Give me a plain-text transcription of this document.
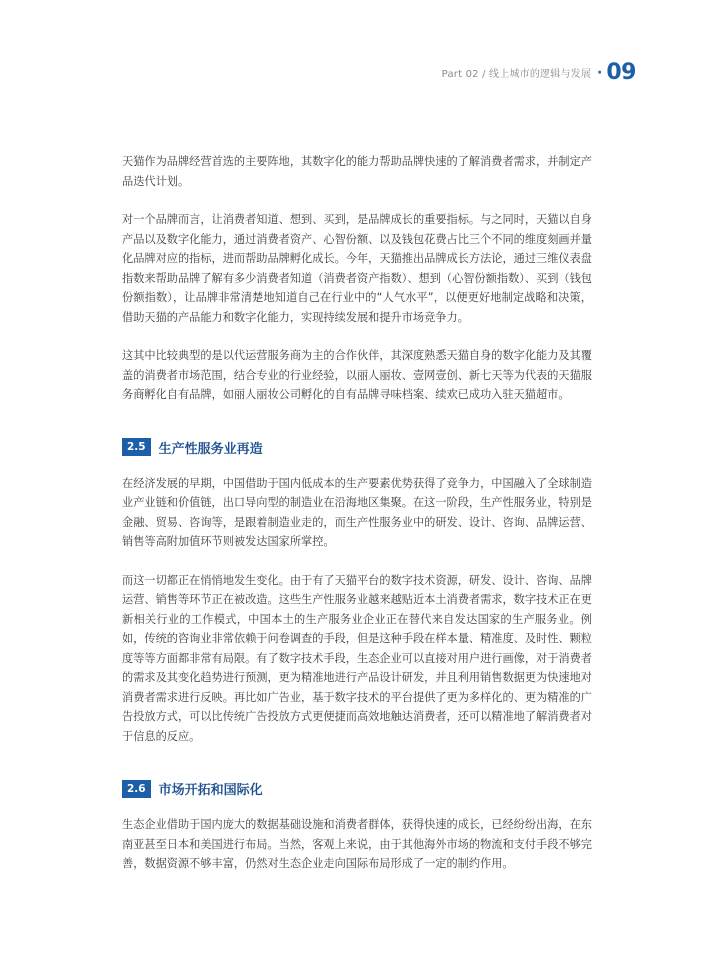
Part 02 / 线上城市的逻辑与发展 · 09

天猫作为品牌经营首选的主要阵地，其数字化的能力帮助品牌快速的了解消费者需求，并制定产品迭代计划。

对一个品牌而言，让消费者知道、想到、买到，是品牌成长的重要指标。与之同时，天猫以自身产品以及数字化能力，通过消费者资产、心智份额、以及钱包花费占比三个不同的维度刻画并量化品牌对应的指标，进而帮助品牌孵化成长。今年，天猫推出品牌成长方法论，通过三维仪表盘指数来帮助品牌了解有多少消费者知道（消费者资产指数）、想到（心智份额指数）、买到（钱包份额指数），让品牌非常清楚地知道自己在行业中的“人气水平”，以便更好地制定战略和决策，借助天猫的产品能力和数字化能力，实现持续发展和提升市场竞争力。

这其中比较典型的是以代运营服务商为主的合作伙伴，其深度熟悉天猫自身的数字化能力及其覆盖的消费者市场范围，结合专业的行业经验，以丽人丽妆、壹网壹创、新七天等为代表的天猫服务商孵化自有品牌，如丽人丽妆公司孵化的自有品牌寻味档案、续欢已成功入驻天猫超市。

2.5	生产性服务业再造

在经济发展的早期，中国借助于国内低成本的生产要素优势获得了竞争力，中国融入了全球制造业产业链和价值链，出口导向型的制造业在沿海地区集聚。在这一阶段，生产性服务业，特别是金融、贸易、咨询等，是跟着制造业走的，而生产性服务业中的研发、设计、咨询、品牌运营、销售等高附加值环节则被发达国家所掌控。

而这一切都正在悄悄地发生变化。由于有了天猫平台的数字技术资源，研发、设计、咨询、品牌运营、销售等环节正在被改造。这些生产性服务业越来越贴近本土消费者需求，数字技术正在更新相关行业的工作模式，中国本土的生产服务业企业正在替代来自发达国家的生产服务业。例如，传统的咨询业非常依赖于问卷调查的手段，但是这种手段在样本量、精准度、及时性、颗粒度等等方面都非常有局限。有了数字技术手段，生态企业可以直接对用户进行画像，对于消费者的需求及其变化趋势进行预测，更为精准地进行产品设计研发，并且利用销售数据更为快速地对消费者需求进行反映。再比如广告业，基于数字技术的平台提供了更为多样化的、更为精准的广告投放方式，可以比传统广告投放方式更便捷而高效地触达消费者，还可以精准地了解消费者对于信息的反应。

2.6	市场开拓和国际化

生态企业借助于国内庞大的数据基础设施和消费者群体，获得快速的成长，已经纷纷出海，在东南亚甚至日本和美国进行布局。当然，客观上来说，由于其他海外市场的物流和支付手段不够完善，数据资源不够丰富，仍然对生态企业走向国际布局形成了一定的制约作用。
